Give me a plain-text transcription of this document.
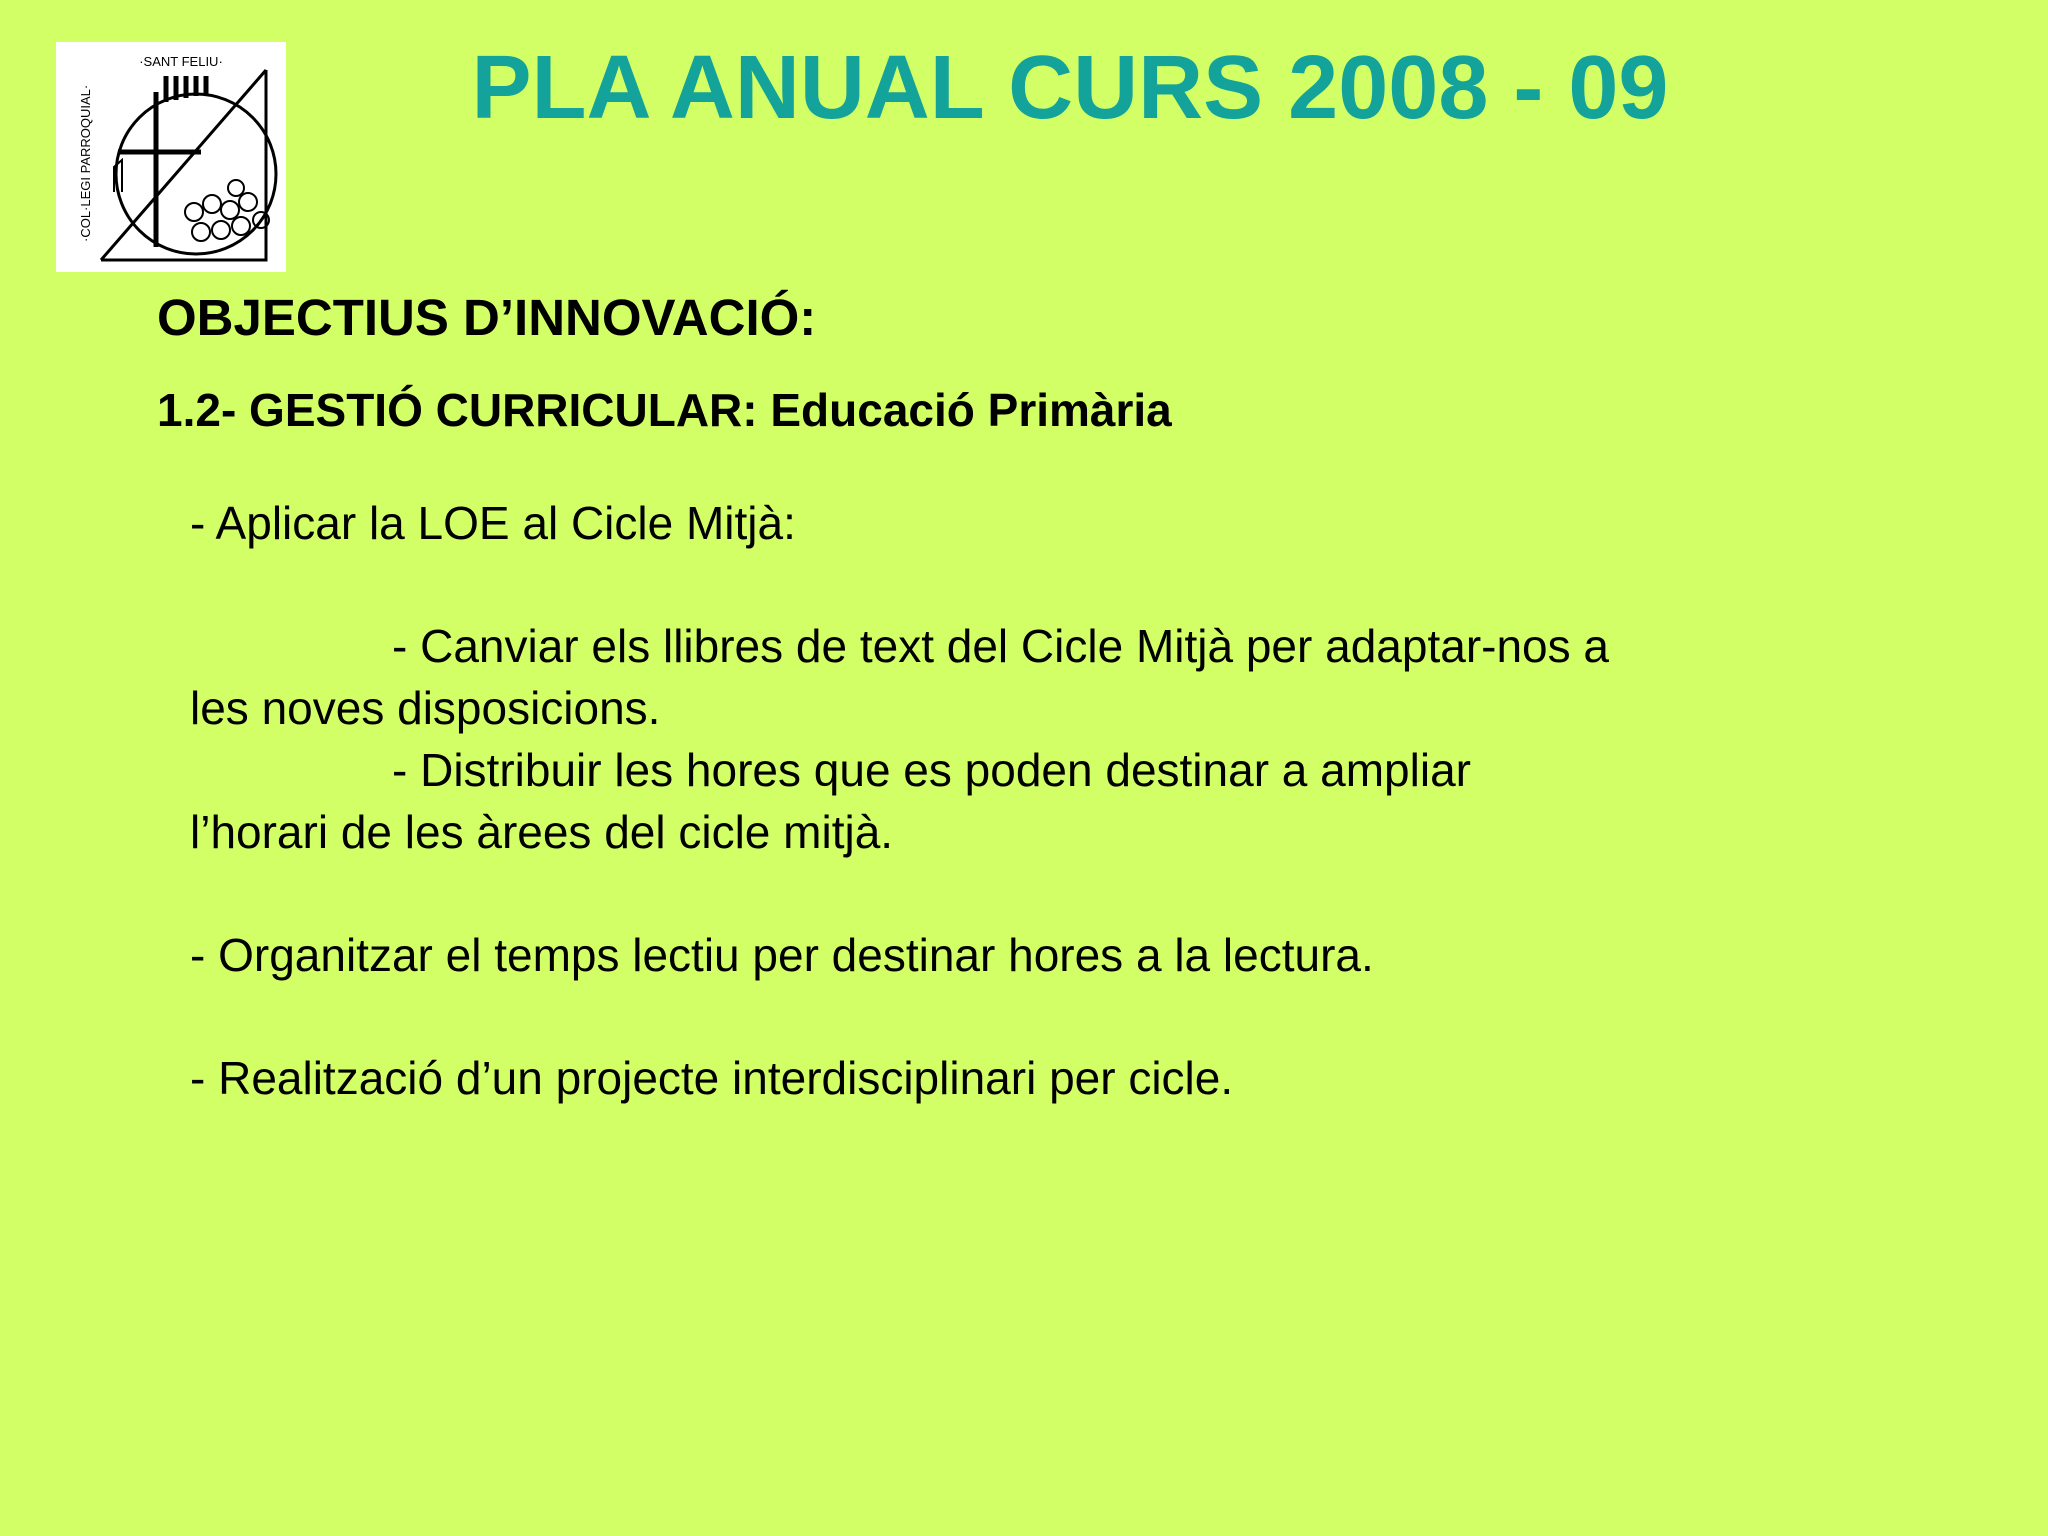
·SANT FELIU·
·COL·LEGI PARROQUIAL·	PLA ANUAL CURS 2008 - 09
OBJECTIUS D’INNOVACIÓ:
1.2- GESTIÓ CURRICULAR: Educació Primària
- Aplicar la LOE al Cicle Mitjà:
- Canviar els llibres de text del Cicle Mitjà per adaptar-nos a
les noves disposicions.
- Distribuir les hores que es poden destinar a ampliar
l’horari de les àrees del cicle mitjà.
- Organitzar el temps lectiu per destinar hores a la lectura.
- Realització d’un projecte interdisciplinari per cicle.
